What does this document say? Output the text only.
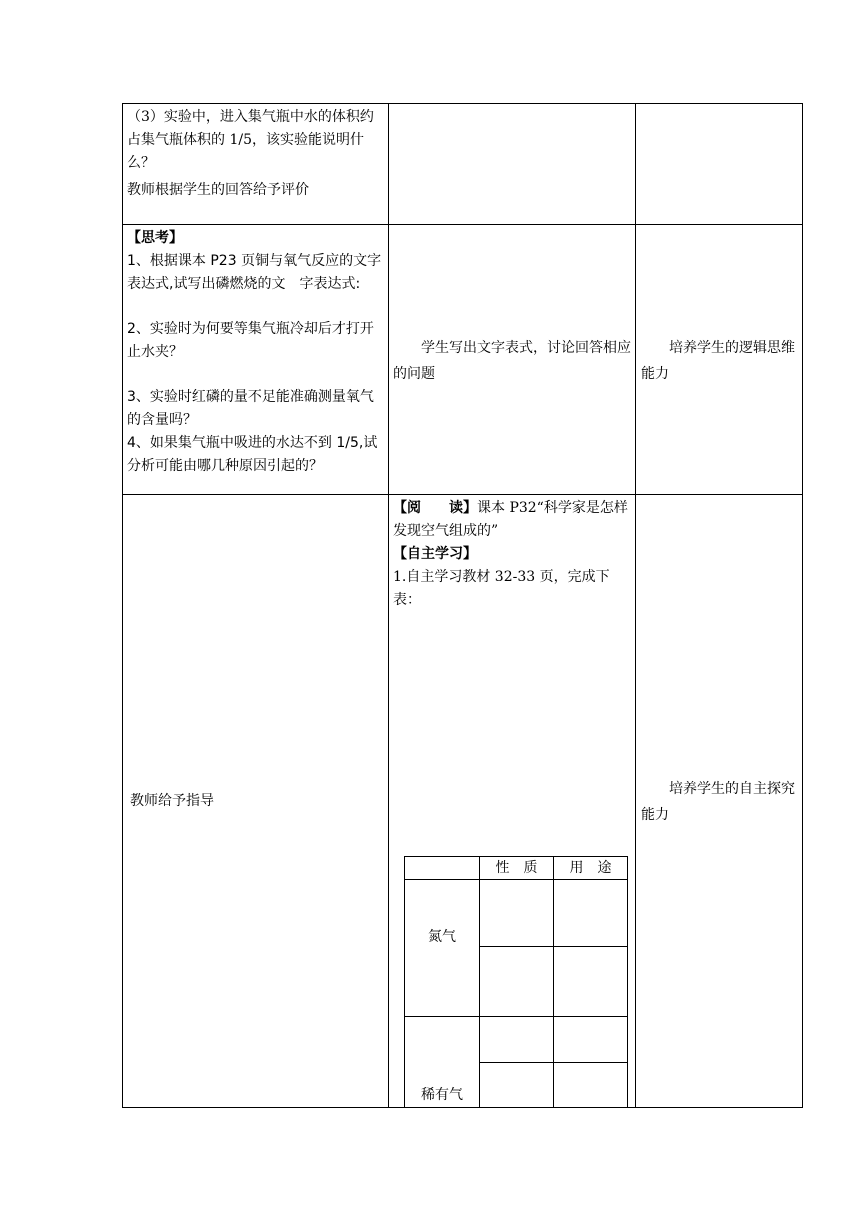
（3）实验中，进入集气瓶中水的体积约占集气瓶体积的 1/5，该实验能说明什么？
教师根据学生的回答给予评价
【思考】
1、根据课本 P23 页铜与氧气反应的文字表达式,试写出磷燃烧的文　字表达式:
2、实验时为何要等集气瓶冷却后才打开止水夹？
3、实验时红磷的量不足能准确测量氧气的含量吗？
4、如果集气瓶中吸进的水达不到 1/5,试分析可能由哪几种原因引起的？
学生写出文字表式，讨论回答相应的问题
培养学生的逻辑思维能力
教师给予指导
【阅　　读】课本 P32“科学家是怎样发现空气组成的”
【自主学习】
1.自主学习教材 32-33 页，完成下表：
培养学生的自主探究能力
性　质	用　途
氮气
稀有气
